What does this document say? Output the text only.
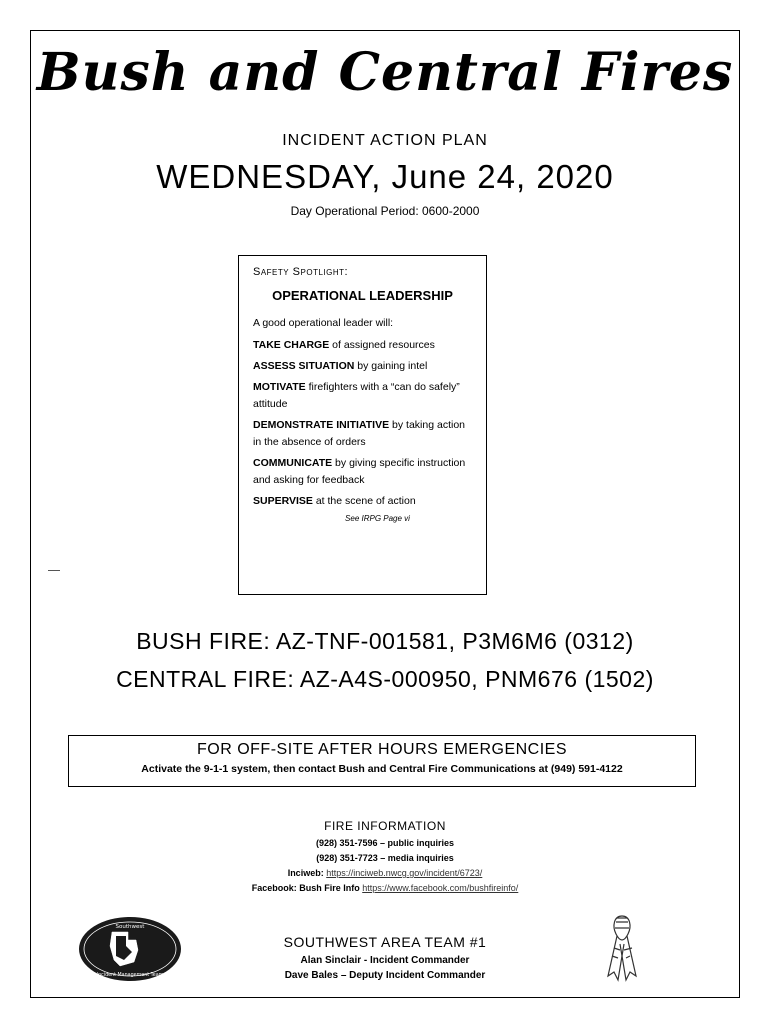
Bush and Central Fires
INCIDENT ACTION PLAN
WEDNESDAY, June 24, 2020
Day Operational Period: 0600-2000
Safety Spotlight:
OPERATIONAL LEADERSHIP
A good operational leader will:
TAKE CHARGE of assigned resources
ASSESS SITUATION by gaining intel
MOTIVATE firefighters with a “can do safely” attitude
DEMONSTRATE INITIATIVE by taking action in the absence of orders
COMMUNICATE by giving specific instruction and asking for feedback
SUPERVISE at the scene of action
See IRPG Page vi
BUSH FIRE: AZ-TNF-001581, P3M6M6 (0312)
CENTRAL FIRE: AZ-A4S-000950, PNM676 (1502)
FOR OFF-SITE AFTER HOURS EMERGENCIES
Activate the 9-1-1 system, then contact Bush and Central Fire Communications at (949) 591-4122
FIRE INFORMATION
(928) 351-7596 – public inquiries
(928) 351-7723 – media inquiries
Inciweb: https://inciweb.nwcg.gov/incident/6723/
Facebook: Bush Fire Info https://www.facebook.com/bushfireinfo/
Southwest
Incident Management Team
SOUTHWEST AREA TEAM #1
Alan Sinclair - Incident Commander
Dave Bales – Deputy Incident Commander
